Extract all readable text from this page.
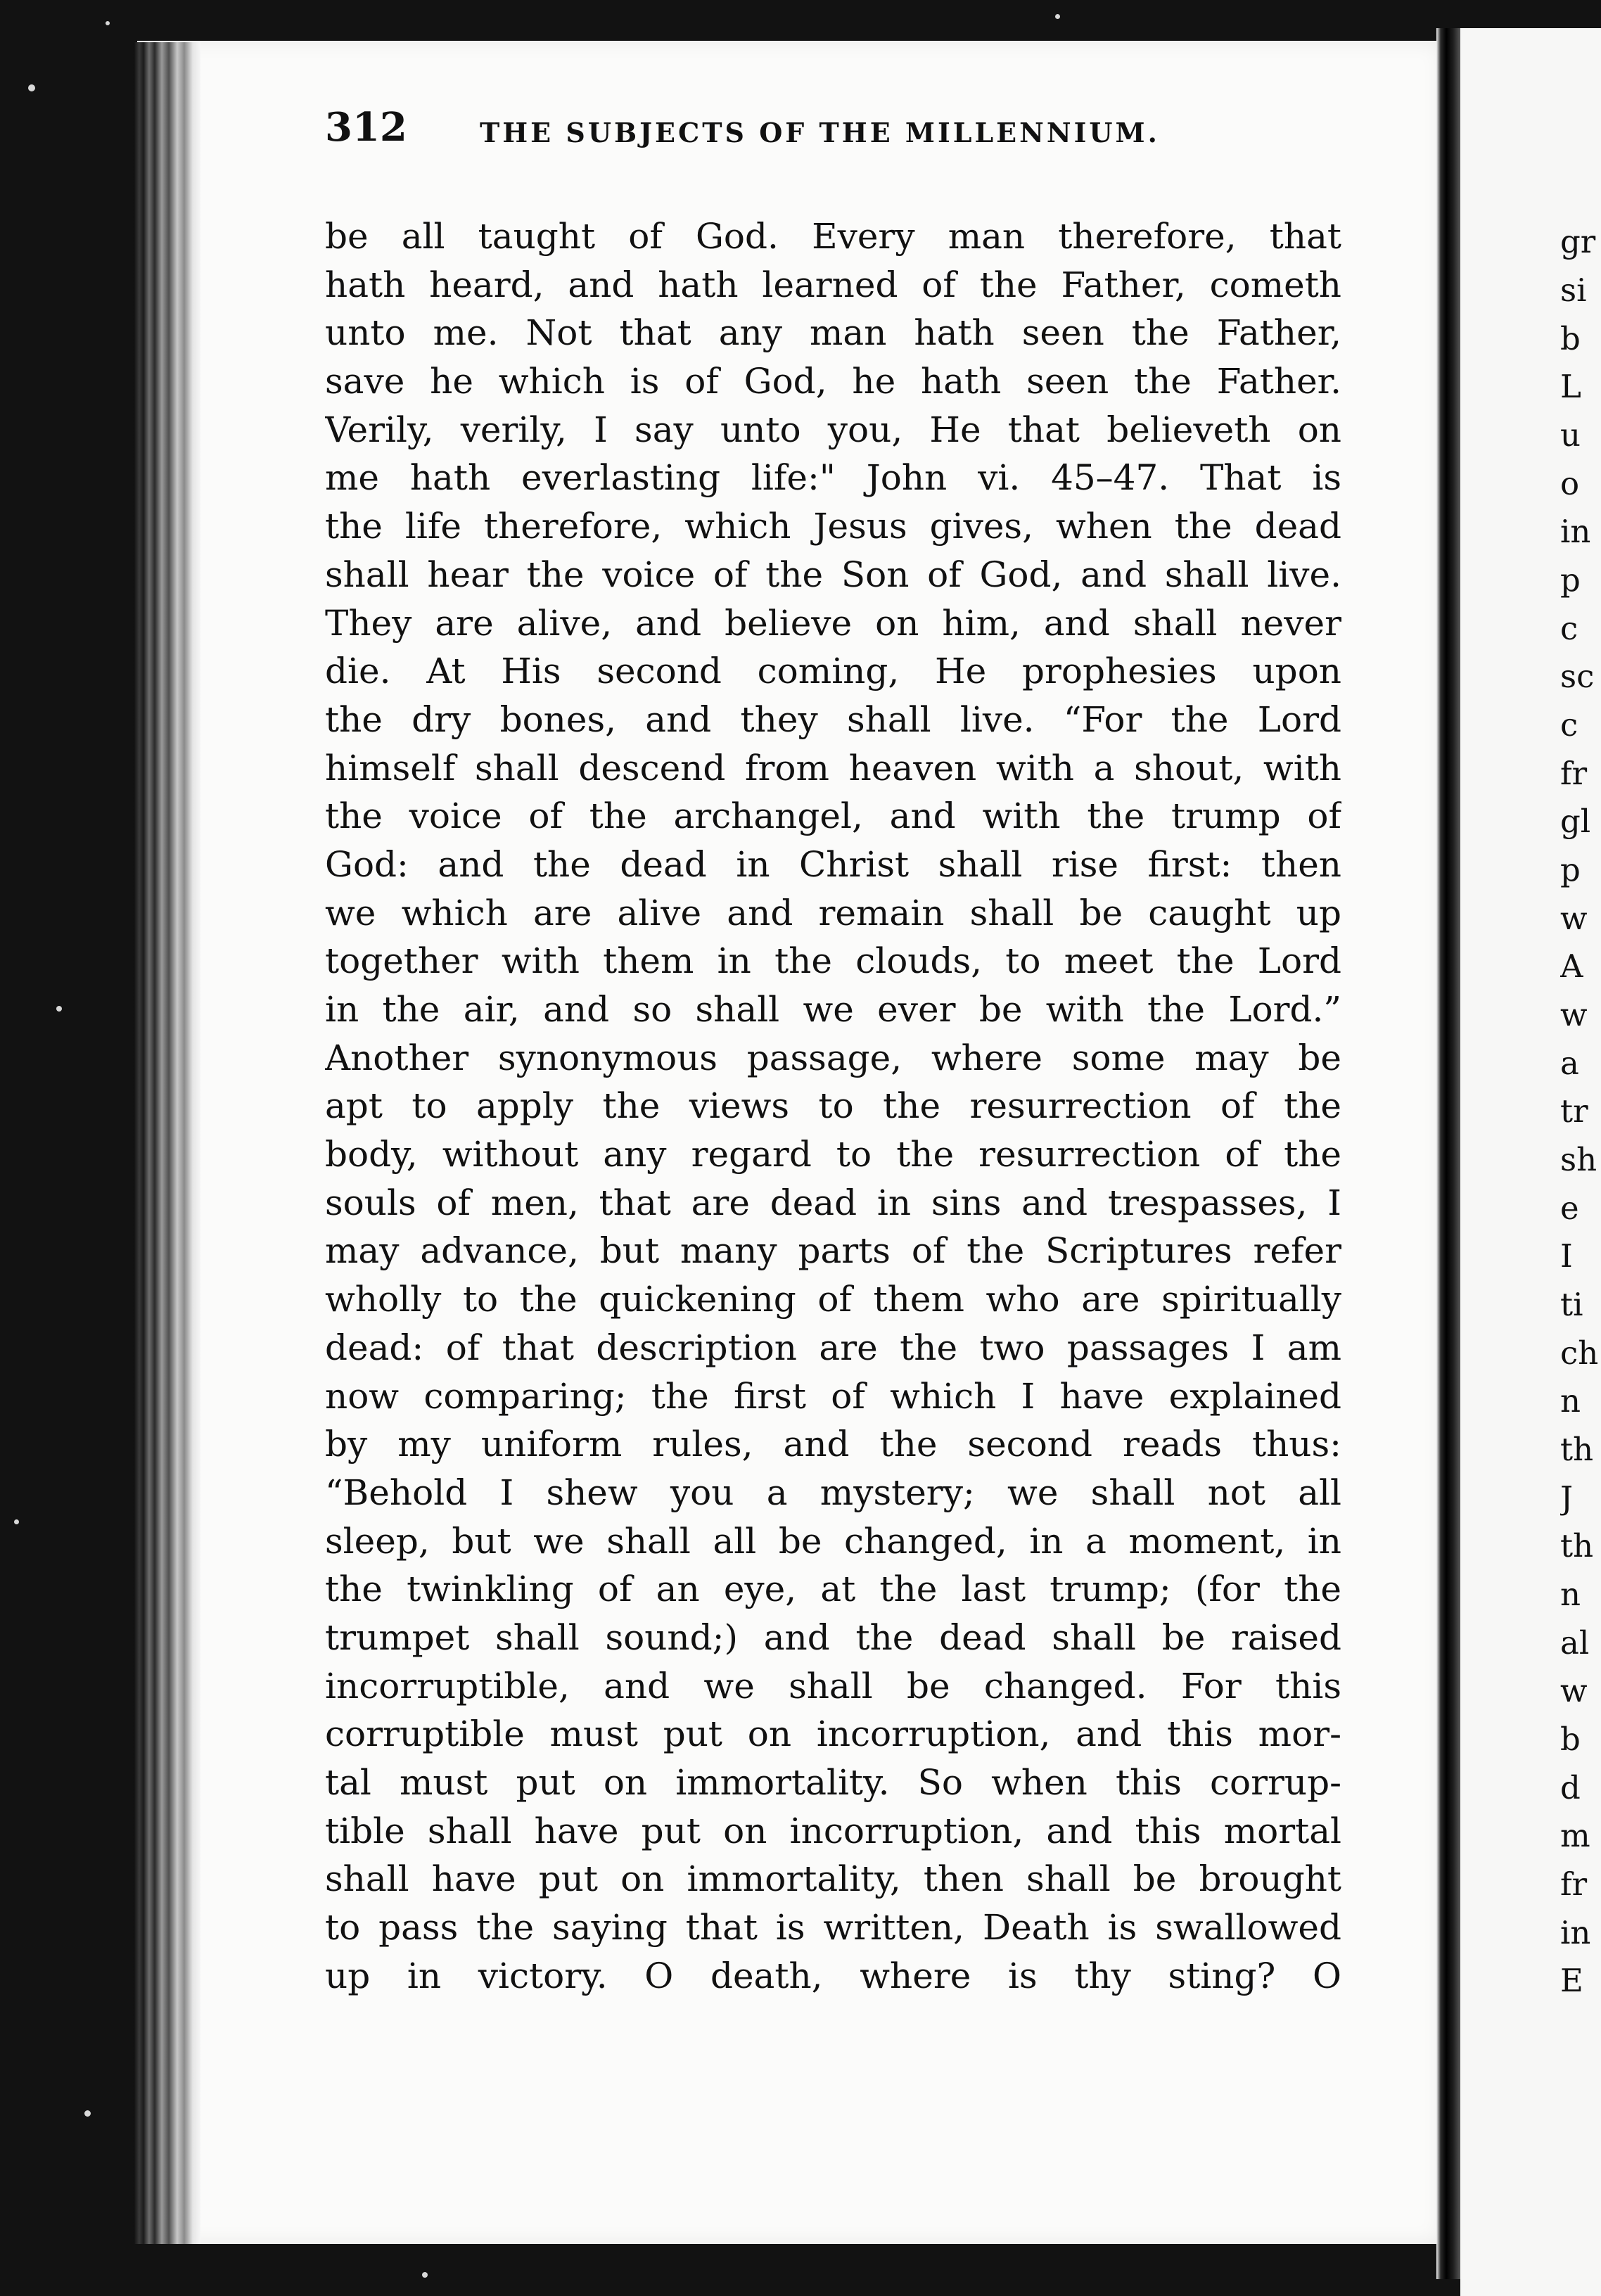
gr
si
b
L
u
o
in
p
c
sc
c
fr
gl
p
w
A
w
a
tr
sh
e
I
ti
ch
n
th
J
th
n
al
w
b
d
m
fr
in
E
312	THE SUBJECTS OF THE MILLENNIUM.
be all taught of God. Every man therefore, that
hath heard, and hath learned of the Father, cometh
unto me. Not that any man hath seen the Father,
save he which is of God, he hath seen the Father.
Verily, verily, I say unto you, He that believeth on
me hath everlasting life:" John vi. 45–47. That is
the life therefore, which Jesus gives, when the dead
shall hear the voice of the Son of God, and shall live.
They are alive, and believe on him, and shall never
die. At His second coming, He prophesies upon
the dry bones, and they shall live. “For the Lord
himself shall descend from heaven with a shout, with
the voice of the archangel, and with the trump of
God: and the dead in Christ shall rise first: then
we which are alive and remain shall be caught up
together with them in the clouds, to meet the Lord
in the air, and so shall we ever be with the Lord.”
Another synonymous passage, where some may be
apt to apply the views to the resurrection of the
body, without any regard to the resurrection of the
souls of men, that are dead in sins and trespasses, I
may advance, but many parts of the Scriptures refer
wholly to the quickening of them who are spiritually
dead: of that description are the two passages I am
now comparing; the first of which I have explained
by my uniform rules, and the second reads thus:
“Behold I shew you a mystery; we shall not all
sleep, but we shall all be changed, in a moment, in
the twinkling of an eye, at the last trump; (for the
trumpet shall sound;) and the dead shall be raised
incorruptible, and we shall be changed. For this
corruptible must put on incorruption, and this mor-
tal must put on immortality. So when this corrup-
tible shall have put on incorruption, and this mortal
shall have put on immortality, then shall be brought
to pass the saying that is written, Death is swallowed
up in victory. O death, where is thy sting? O
